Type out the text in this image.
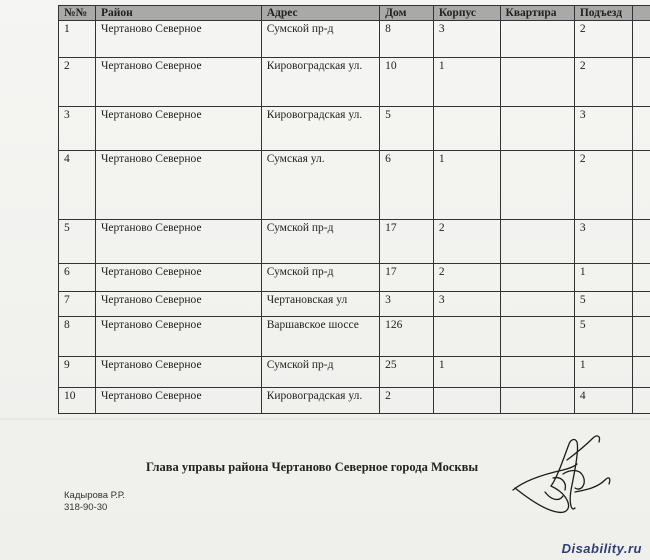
№№	Район	Адрес	Дом	Корпус	Квартира	Подъезд	
1	Чертаново Северное	Сумской пр-д	8	3		2	
2	Чертаново Северное	Кировоградская ул.	10	1		2	
3	Чертаново Северное	Кировоградская ул.	5			3	
4	Чертаново Северное	Сумская ул.	6	1		2	
5	Чертаново Северное	Сумской пр-д	17	2		3	
6	Чертаново Северное	Сумской пр-д	17	2		1	
7	Чертаново Северное	Чертановская ул	3	3		5	
8	Чертаново Северное	Варшавское шоссе	126			5	
9	Чертаново Северное	Сумской пр-д	25	1		1	
10	Чертаново Северное	Кировоградская ул.	2			4	
Глава управы района Чертаново Северное города Москвы
Кадырова Р.Р.
318-90-30
Disability.ru
